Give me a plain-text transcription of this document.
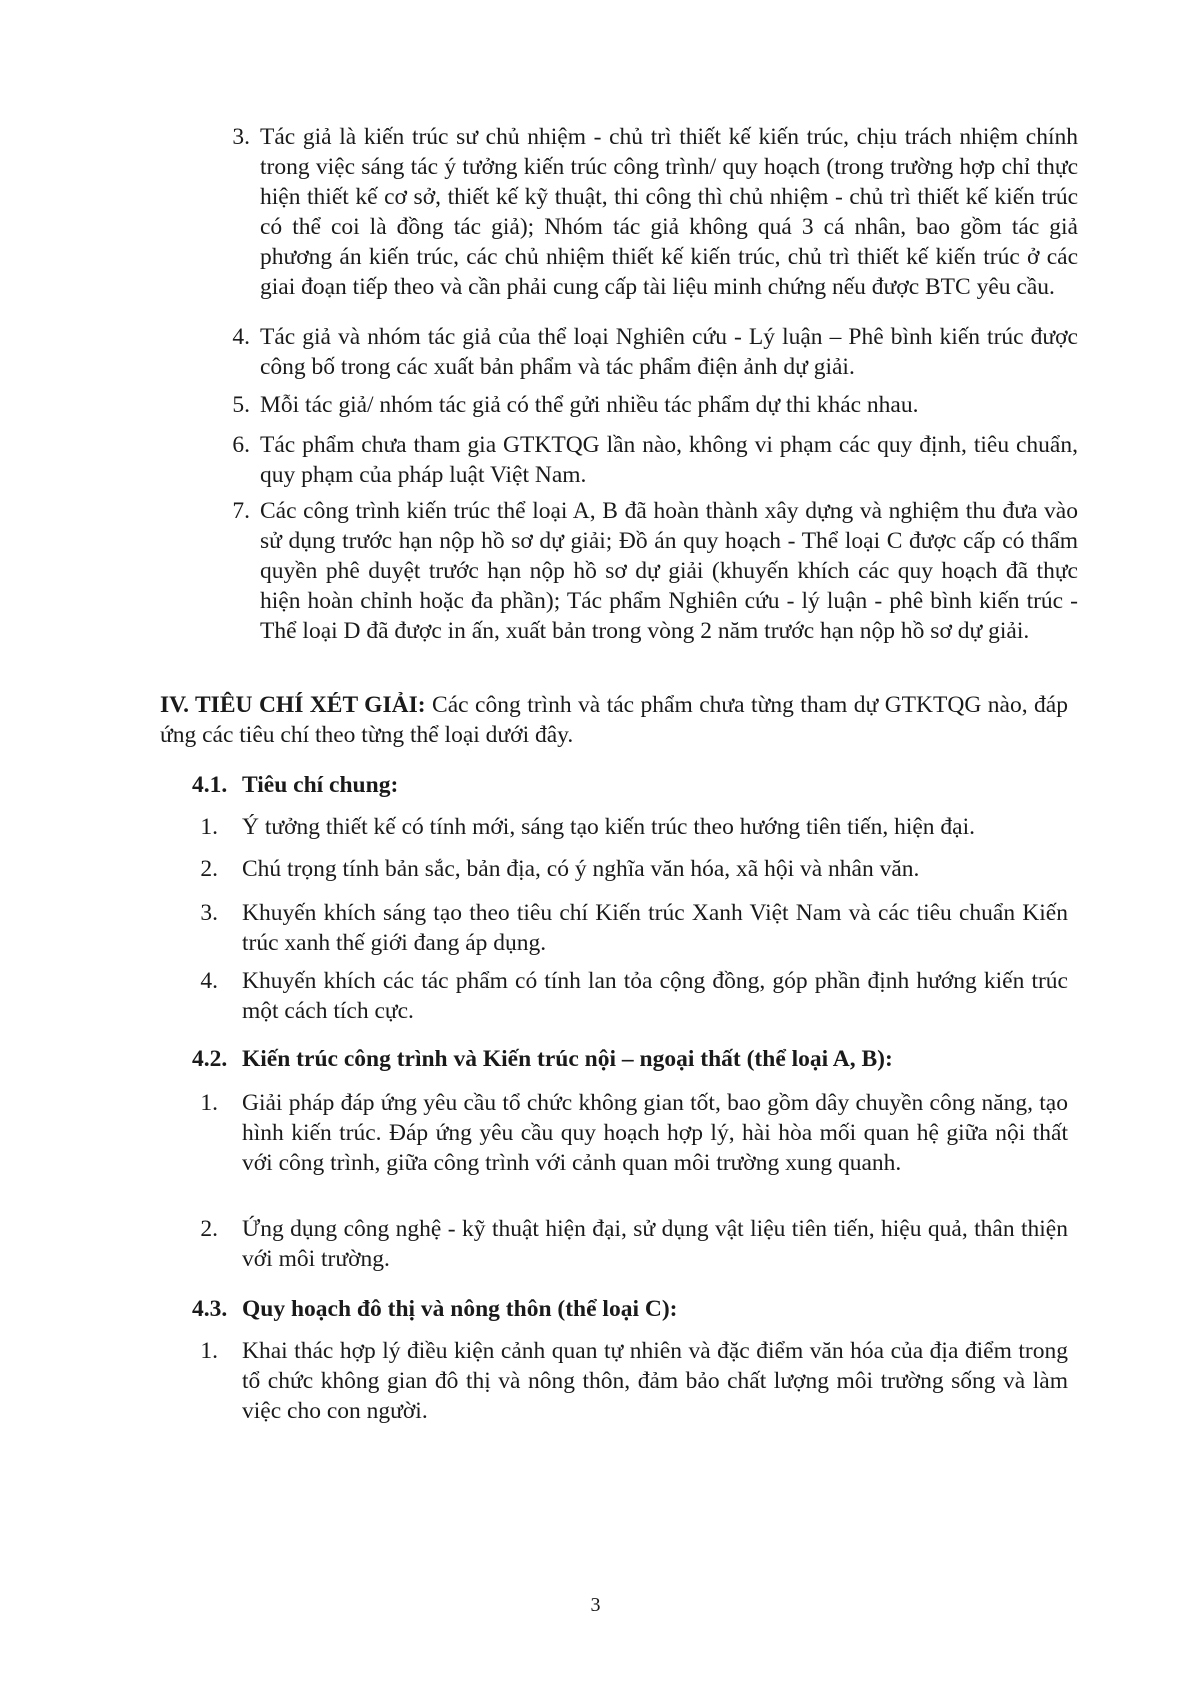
3. Tác giả là kiến trúc sư chủ nhiệm - chủ trì thiết kế kiến trúc, chịu trách nhiệm chính trong việc sáng tác ý tưởng kiến trúc công trình/ quy hoạch (trong trường hợp chỉ thực hiện thiết kế cơ sở, thiết kế kỹ thuật, thi công thì chủ nhiệm - chủ trì thiết kế kiến trúc có thể coi là đồng tác giả); Nhóm tác giả không quá 3 cá nhân, bao gồm tác giả phương án kiến trúc, các chủ nhiệm thiết kế kiến trúc, chủ trì thiết kế kiến trúc ở các giai đoạn tiếp theo và cần phải cung cấp tài liệu minh chứng nếu được BTC yêu cầu.
4. Tác giả và nhóm tác giả của thể loại Nghiên cứu - Lý luận – Phê bình kiến trúc được công bố trong các xuất bản phẩm và tác phẩm điện ảnh dự giải.
5. Mỗi tác giả/ nhóm tác giả có thể gửi nhiều tác phẩm dự thi khác nhau.
6. Tác phẩm chưa tham gia GTKTQG lần nào, không vi phạm các quy định, tiêu chuẩn, quy phạm của pháp luật Việt Nam.
7. Các công trình kiến trúc thể loại A, B đã hoàn thành xây dựng và nghiệm thu đưa vào sử dụng trước hạn nộp hồ sơ dự giải; Đồ án quy hoạch - Thể loại C được cấp có thẩm quyền phê duyệt trước hạn nộp hồ sơ dự giải (khuyến khích các quy hoạch đã thực hiện hoàn chỉnh hoặc đa phần); Tác phẩm Nghiên cứu - lý luận - phê bình kiến trúc - Thể loại D đã được in ấn, xuất bản trong vòng 2 năm trước hạn nộp hồ sơ dự giải.
IV. TIÊU CHÍ XÉT GIẢI: Các công trình và tác phẩm chưa từng tham dự GTKTQG nào, đáp ứng các tiêu chí theo từng thể loại dưới đây.
4.1. Tiêu chí chung:
1. Ý tưởng thiết kế có tính mới, sáng tạo kiến trúc theo hướng tiên tiến, hiện đại.
2. Chú trọng tính bản sắc, bản địa, có ý nghĩa văn hóa, xã hội và nhân văn.
3. Khuyến khích sáng tạo theo tiêu chí Kiến trúc Xanh Việt Nam và các tiêu chuẩn Kiến trúc xanh thế giới đang áp dụng.
4. Khuyến khích các tác phẩm có tính lan tỏa cộng đồng, góp phần định hướng kiến trúc một cách tích cực.
4.2. Kiến trúc công trình và Kiến trúc nội – ngoại thất (thể loại A, B):
1. Giải pháp đáp ứng yêu cầu tổ chức không gian tốt, bao gồm dây chuyền công năng, tạo hình kiến trúc. Đáp ứng yêu cầu quy hoạch hợp lý, hài hòa mối quan hệ giữa nội thất với công trình, giữa công trình với cảnh quan môi trường xung quanh.
2. Ứng dụng công nghệ - kỹ thuật hiện đại, sử dụng vật liệu tiên tiến, hiệu quả, thân thiện với môi trường.
4.3. Quy hoạch đô thị và nông thôn (thể loại C):
1. Khai thác hợp lý điều kiện cảnh quan tự nhiên và đặc điểm văn hóa của địa điểm trong tổ chức không gian đô thị và nông thôn, đảm bảo chất lượng môi trường sống và làm việc cho con người.
3
